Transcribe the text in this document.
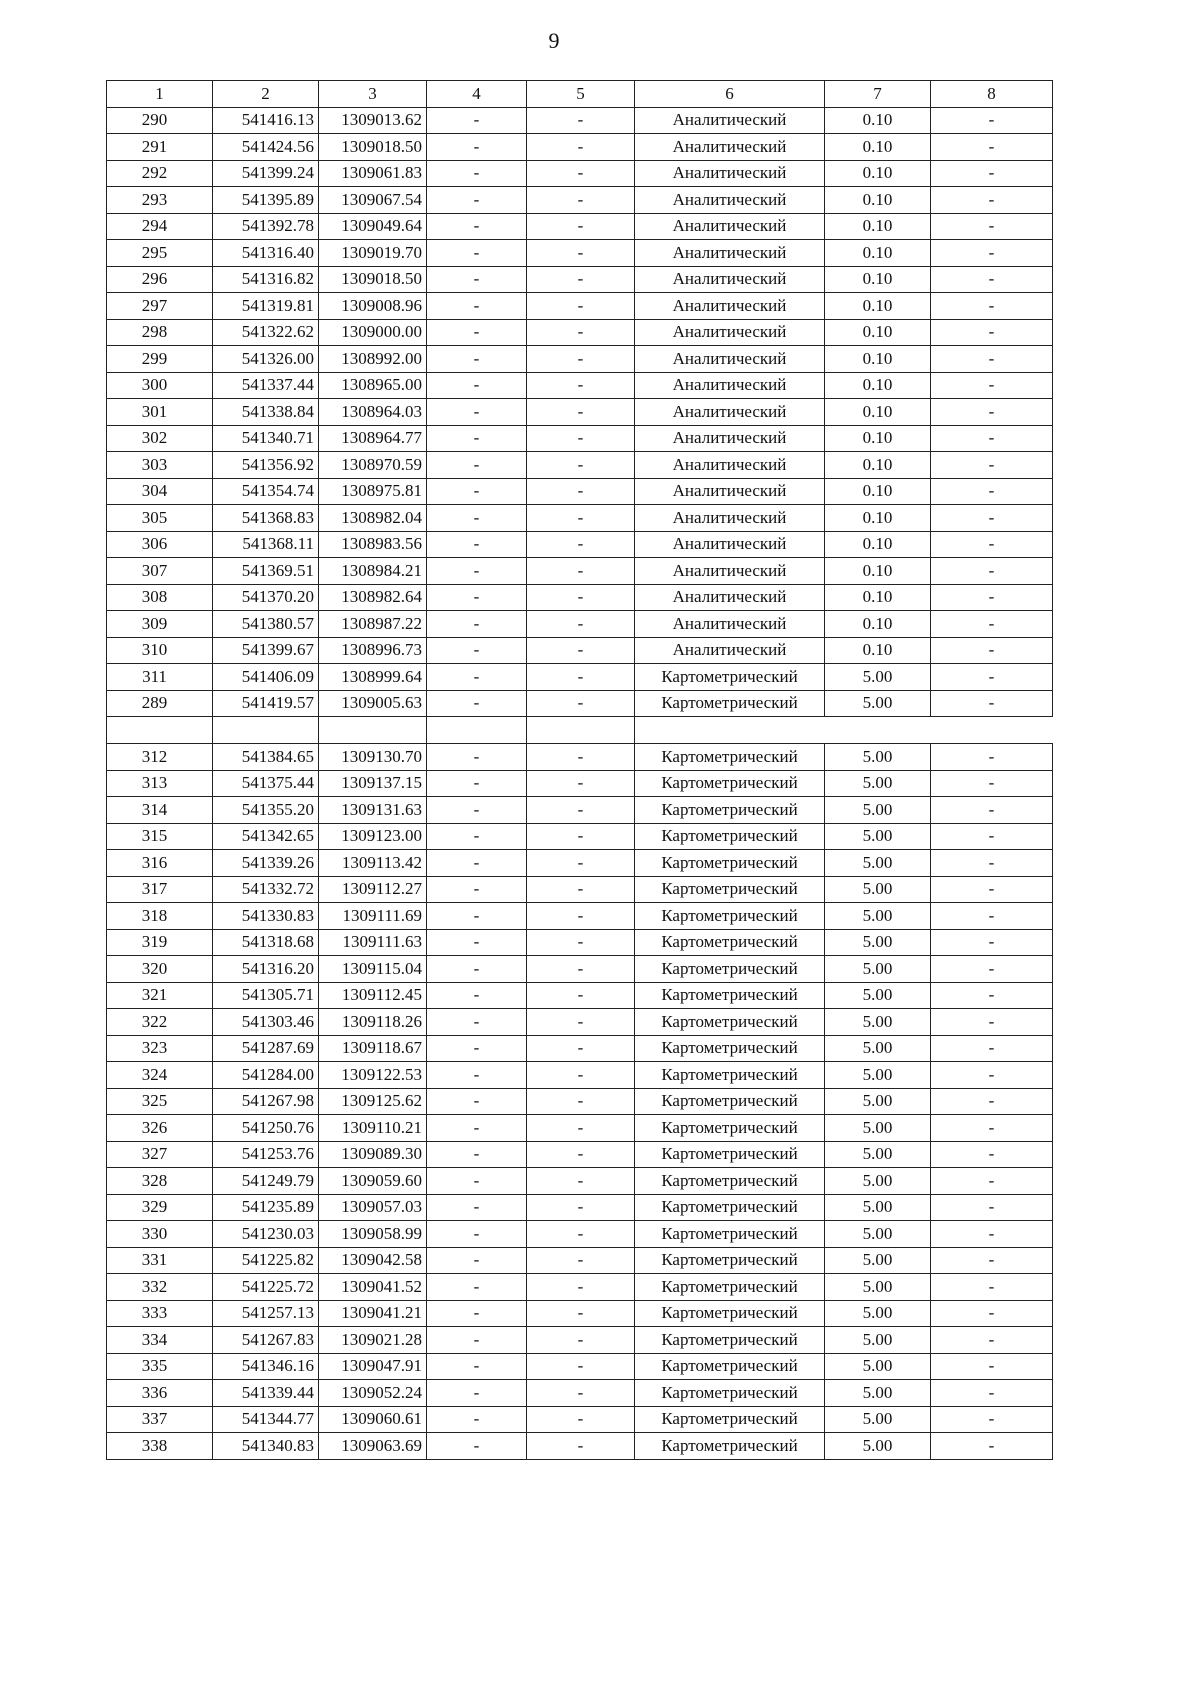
9
1	2	3	4	5	6	7	8
290	541416.13	1309013.62	-	-	Аналитический	0.10	-
291	541424.56	1309018.50	-	-	Аналитический	0.10	-
292	541399.24	1309061.83	-	-	Аналитический	0.10	-
293	541395.89	1309067.54	-	-	Аналитический	0.10	-
294	541392.78	1309049.64	-	-	Аналитический	0.10	-
295	541316.40	1309019.70	-	-	Аналитический	0.10	-
296	541316.82	1309018.50	-	-	Аналитический	0.10	-
297	541319.81	1309008.96	-	-	Аналитический	0.10	-
298	541322.62	1309000.00	-	-	Аналитический	0.10	-
299	541326.00	1308992.00	-	-	Аналитический	0.10	-
300	541337.44	1308965.00	-	-	Аналитический	0.10	-
301	541338.84	1308964.03	-	-	Аналитический	0.10	-
302	541340.71	1308964.77	-	-	Аналитический	0.10	-
303	541356.92	1308970.59	-	-	Аналитический	0.10	-
304	541354.74	1308975.81	-	-	Аналитический	0.10	-
305	541368.83	1308982.04	-	-	Аналитический	0.10	-
306	541368.11	1308983.56	-	-	Аналитический	0.10	-
307	541369.51	1308984.21	-	-	Аналитический	0.10	-
308	541370.20	1308982.64	-	-	Аналитический	0.10	-
309	541380.57	1308987.22	-	-	Аналитический	0.10	-
310	541399.67	1308996.73	-	-	Аналитический	0.10	-
311	541406.09	1308999.64	-	-	Картометрический	5.00	-
289	541419.57	1309005.63	-	-	Картометрический	5.00	-

312	541384.65	1309130.70	-	-	Картометрический	5.00	-
313	541375.44	1309137.15	-	-	Картометрический	5.00	-
314	541355.20	1309131.63	-	-	Картометрический	5.00	-
315	541342.65	1309123.00	-	-	Картометрический	5.00	-
316	541339.26	1309113.42	-	-	Картометрический	5.00	-
317	541332.72	1309112.27	-	-	Картометрический	5.00	-
318	541330.83	1309111.69	-	-	Картометрический	5.00	-
319	541318.68	1309111.63	-	-	Картометрический	5.00	-
320	541316.20	1309115.04	-	-	Картометрический	5.00	-
321	541305.71	1309112.45	-	-	Картометрический	5.00	-
322	541303.46	1309118.26	-	-	Картометрический	5.00	-
323	541287.69	1309118.67	-	-	Картометрический	5.00	-
324	541284.00	1309122.53	-	-	Картометрический	5.00	-
325	541267.98	1309125.62	-	-	Картометрический	5.00	-
326	541250.76	1309110.21	-	-	Картометрический	5.00	-
327	541253.76	1309089.30	-	-	Картометрический	5.00	-
328	541249.79	1309059.60	-	-	Картометрический	5.00	-
329	541235.89	1309057.03	-	-	Картометрический	5.00	-
330	541230.03	1309058.99	-	-	Картометрический	5.00	-
331	541225.82	1309042.58	-	-	Картометрический	5.00	-
332	541225.72	1309041.52	-	-	Картометрический	5.00	-
333	541257.13	1309041.21	-	-	Картометрический	5.00	-
334	541267.83	1309021.28	-	-	Картометрический	5.00	-
335	541346.16	1309047.91	-	-	Картометрический	5.00	-
336	541339.44	1309052.24	-	-	Картометрический	5.00	-
337	541344.77	1309060.61	-	-	Картометрический	5.00	-
338	541340.83	1309063.69	-	-	Картометрический	5.00	-
